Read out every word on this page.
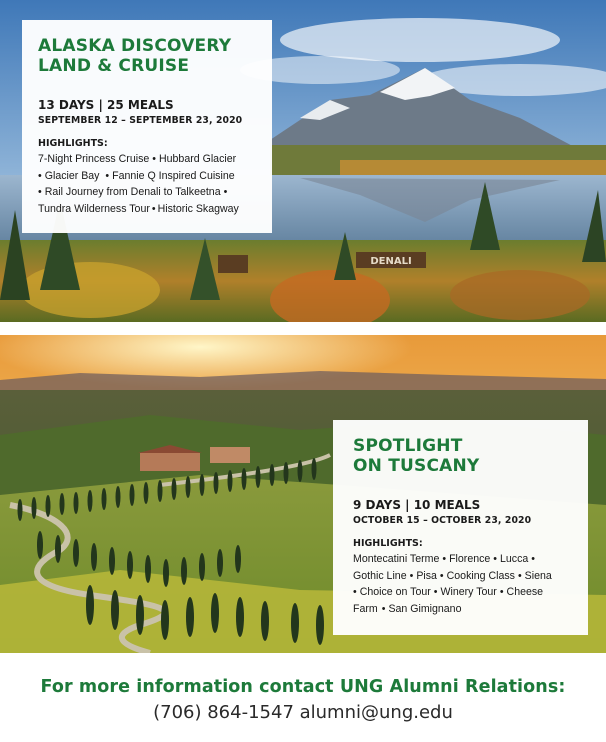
DENALI
ALASKA DISCOVERY
LAND & CRUISE
13 DAYS | 25 MEALS
SEPTEMBER 12 – SEPTEMBER 23, 2020
HIGHLIGHTS:
7-Night Princess Cruise • Hubbard Glacier
• Glacier Bay • Fannie Q Inspired Cuisine
• Rail Journey from Denali to Talkeetna •
Tundra Wilderness Tour • Historic Skagway
SPOTLIGHT
ON TUSCANY
9 DAYS | 10 MEALS
OCTOBER 15 – OCTOBER 23, 2020
HIGHLIGHTS:
Montecatini Terme • Florence • Lucca •
Gothic Line • Pisa • Cooking Class • Siena
• Choice on Tour • Winery Tour • Cheese
Farm • San Gimignano
For more information contact UNG Alumni Relations:
(706) 864-1547 alumni@ung.edu
